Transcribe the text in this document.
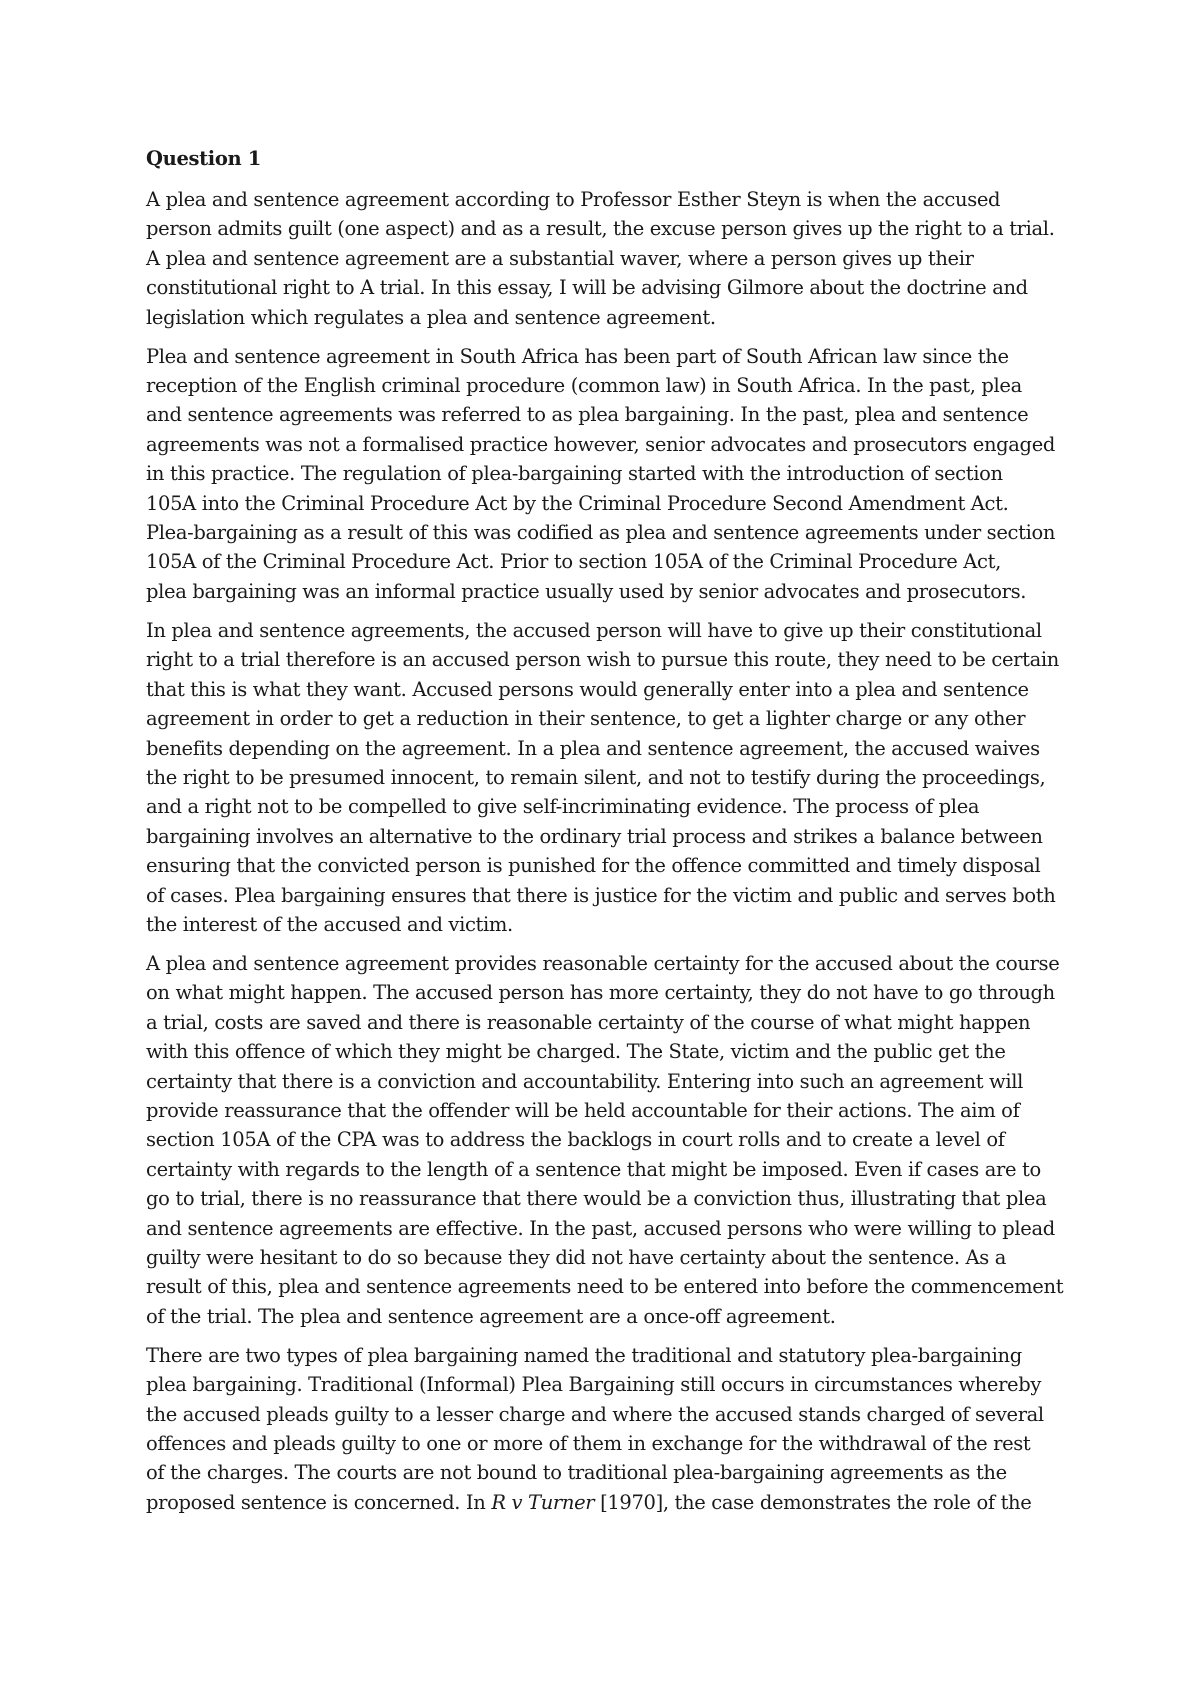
Question 1

A plea and sentence agreement according to Professor Esther Steyn is when the accused
person admits guilt (one aspect) and as a result, the excuse person gives up the right to a trial.
A plea and sentence agreement are a substantial waver, where a person gives up their
constitutional right to A trial. In this essay, I will be advising Gilmore about the doctrine and
legislation which regulates a plea and sentence agreement.

Plea and sentence agreement in South Africa has been part of South African law since the
reception of the English criminal procedure (common law) in South Africa. In the past, plea
and sentence agreements was referred to as plea bargaining. In the past, plea and sentence
agreements was not a formalised practice however, senior advocates and prosecutors engaged
in this practice. The regulation of plea-bargaining started with the introduction of section
105A into the Criminal Procedure Act by the Criminal Procedure Second Amendment Act.
Plea-bargaining as a result of this was codified as plea and sentence agreements under section
105A of the Criminal Procedure Act. Prior to section 105A of the Criminal Procedure Act,
plea bargaining was an informal practice usually used by senior advocates and prosecutors.

In plea and sentence agreements, the accused person will have to give up their constitutional
right to a trial therefore is an accused person wish to pursue this route, they need to be certain
that this is what they want. Accused persons would generally enter into a plea and sentence
agreement in order to get a reduction in their sentence, to get a lighter charge or any other
benefits depending on the agreement. In a plea and sentence agreement, the accused waives
the right to be presumed innocent, to remain silent, and not to testify during the proceedings,
and a right not to be compelled to give self-incriminating evidence. The process of plea
bargaining involves an alternative to the ordinary trial process and strikes a balance between
ensuring that the convicted person is punished for the offence committed and timely disposal
of cases. Plea bargaining ensures that there is justice for the victim and public and serves both
the interest of the accused and victim.

A plea and sentence agreement provides reasonable certainty for the accused about the course
on what might happen. The accused person has more certainty, they do not have to go through
a trial, costs are saved and there is reasonable certainty of the course of what might happen
with this offence of which they might be charged. The State, victim and the public get the
certainty that there is a conviction and accountability. Entering into such an agreement will
provide reassurance that the offender will be held accountable for their actions. The aim of
section 105A of the CPA was to address the backlogs in court rolls and to create a level of
certainty with regards to the length of a sentence that might be imposed. Even if cases are to
go to trial, there is no reassurance that there would be a conviction thus, illustrating that plea
and sentence agreements are effective. In the past, accused persons who were willing to plead
guilty were hesitant to do so because they did not have certainty about the sentence. As a
result of this, plea and sentence agreements need to be entered into before the commencement
of the trial. The plea and sentence agreement are a once-off agreement.

There are two types of plea bargaining named the traditional and statutory plea-bargaining
plea bargaining. Traditional (Informal) Plea Bargaining still occurs in circumstances whereby
the accused pleads guilty to a lesser charge and where the accused stands charged of several
offences and pleads guilty to one or more of them in exchange for the withdrawal of the rest
of the charges. The courts are not bound to traditional plea-bargaining agreements as the
proposed sentence is concerned. In R v Turner [1970], the case demonstrates the role of the
